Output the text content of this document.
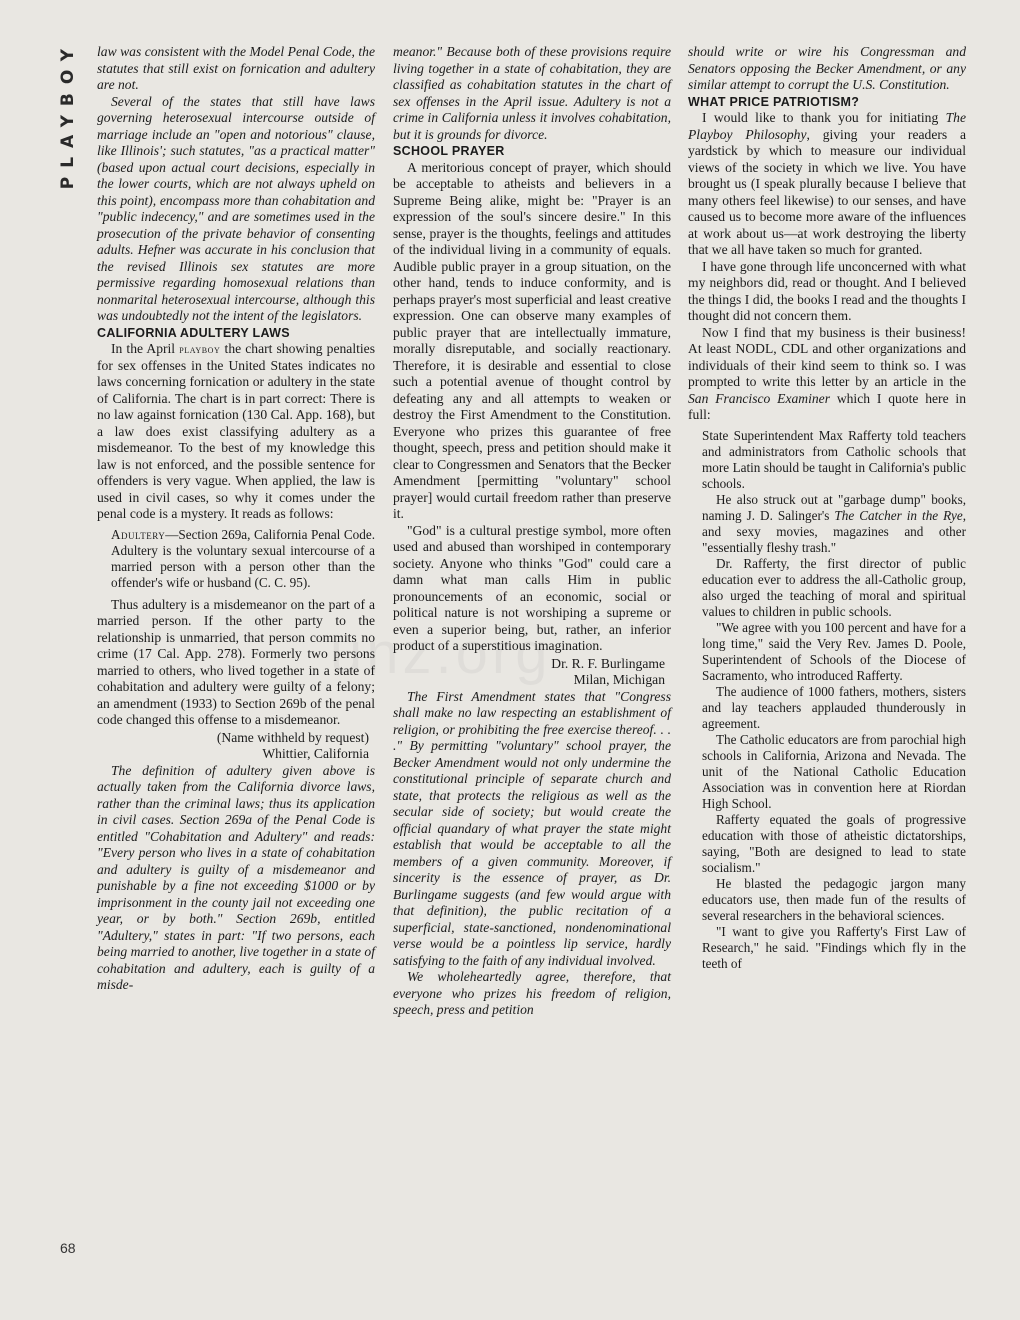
PLAYBOY
68

law was consistent with the Model Penal Code, the statutes that still exist on fornication and adultery are not.

Several of the states that still have laws governing heterosexual intercourse outside of marriage include an "open and notorious" clause, like Illinois'; such statutes, "as a practical matter" (based upon actual court decisions, especially in the lower courts, which are not always upheld on this point), encompass more than cohabitation and "public indecency," and are sometimes used in the prosecution of the private behavior of consenting adults. Hefner was accurate in his conclusion that the revised Illinois sex statutes are more permissive regarding homosexual relations than nonmarital heterosexual intercourse, although this was undoubtedly not the intent of the legislators.

CALIFORNIA ADULTERY LAWS

In the April playboy the chart showing penalties for sex offenses in the United States indicates no laws concerning fornication or adultery in the state of California. The chart is in part correct: There is no law against fornication (130 Cal. App. 168), but a law does exist classifying adultery as a misdemeanor. To the best of my knowledge this law is not enforced, and the possible sentence for offenders is very vague. When applied, the law is used in civil cases, so why it comes under the penal code is a mystery. It reads as follows:

Adultery—Section 269a, California Penal Code. Adultery is the voluntary sexual intercourse of a married person with a person other than the offender's wife or husband (C. C. 95).

Thus adultery is a misdemeanor on the part of a married person. If the other party to the relationship is unmarried, that person commits no crime (17 Cal. App. 278). Formerly two persons married to others, who lived together in a state of cohabitation and adultery were guilty of a felony; an amendment (1933) to Section 269b of the penal code changed this offense to a misdemeanor.

(Name withheld by request)

Whittier, California

The definition of adultery given above is actually taken from the California divorce laws, rather than the criminal laws; thus its application in civil cases. Section 269a of the Penal Code is entitled "Cohabitation and Adultery" and reads: "Every person who lives in a state of cohabitation and adultery is guilty of a misdemeanor and punishable by a fine not exceeding $1000 or by imprisonment in the county jail not exceeding one year, or by both." Section 269b, entitled "Adultery," states in part: "If two persons, each being married to another, live together in a state of cohabitation and adultery, each is guilty of a misde-

meanor." Because both of these provisions require living together in a state of cohabitation, they are classified as cohabitation statutes in the chart of sex offenses in the April issue. Adultery is not a crime in California unless it involves cohabitation, but it is grounds for divorce.

SCHOOL PRAYER

A meritorious concept of prayer, which should be acceptable to atheists and believers in a Supreme Being alike, might be: "Prayer is an expression of the soul's sincere desire." In this sense, prayer is the thoughts, feelings and attitudes of the individual living in a community of equals. Audible public prayer in a group situation, on the other hand, tends to induce conformity, and is perhaps prayer's most superficial and least creative expression. One can observe many examples of public prayer that are intellectually immature, morally disreputable, and socially reactionary. Therefore, it is desirable and essential to close such a potential avenue of thought control by defeating any and all attempts to weaken or destroy the First Amendment to the Constitution. Everyone who prizes this guarantee of free thought, speech, press and petition should make it clear to Congressmen and Senators that the Becker Amendment [permitting "voluntary" school prayer] would curtail freedom rather than preserve it.

"God" is a cultural prestige symbol, more often used and abused than worshiped in contemporary society. Anyone who thinks "God" could care a damn what man calls Him in public pronouncements of an economic, social or political nature is not worshiping a supreme or even a superior being, but, rather, an inferior product of a superstitious imagination.

Dr. R. F. Burlingame

Milan, Michigan

The First Amendment states that "Congress shall make no law respecting an establishment of religion, or prohibiting the free exercise thereof. . . ." By permitting "voluntary" school prayer, the Becker Amendment would not only undermine the constitutional principle of separate church and state, that protects the religious as well as the secular side of society; but would create the official quandary of what prayer the state might establish that would be acceptable to all the members of a given community. Moreover, if sincerity is the essence of prayer, as Dr. Burlingame suggests (and few would argue with that definition), the public recitation of a superficial, state-sanctioned, nondenominational verse would be a pointless lip service, hardly satisfying to the faith of any individual involved.

We wholeheartedly agree, therefore, that everyone who prizes his freedom of religion, speech, press and petition

should write or wire his Congressman and Senators opposing the Becker Amendment, or any similar attempt to corrupt the U.S. Constitution.

WHAT PRICE PATRIOTISM?

I would like to thank you for initiating The Playboy Philosophy, giving your readers a yardstick by which to measure our individual views of the society in which we live. You have brought us (I speak plurally because I believe that many others feel likewise) to our senses, and have caused us to become more aware of the influences at work about us—at work destroying the liberty that we all have taken so much for granted.

I have gone through life unconcerned with what my neighbors did, read or thought. And I believed the things I did, the books I read and the thoughts I thought did not concern them.

Now I find that my business is their business! At least NODL, CDL and other organizations and individuals of their kind seem to think so. I was prompted to write this letter by an article in the San Francisco Examiner which I quote here in full:

State Superintendent Max Rafferty told teachers and administrators from Catholic schools that more Latin should be taught in California's public schools.

He also struck out at "garbage dump" books, naming J. D. Salinger's The Catcher in the Rye, and sexy movies, magazines and other "essentially fleshy trash."

Dr. Rafferty, the first director of public education ever to address the all-Catholic group, also urged the teaching of moral and spiritual values to children in public schools.

"We agree with you 100 percent and have for a long time," said the Very Rev. James D. Poole, Superintendent of Schools of the Diocese of Sacramento, who introduced Rafferty.

The audience of 1000 fathers, mothers, sisters and lay teachers applauded thunderously in agreement.

The Catholic educators are from parochial high schools in California, Arizona and Nevada. The unit of the National Catholic Education Association was in convention here at Riordan High School.

Rafferty equated the goals of progressive education with those of atheistic dictatorships, saying, "Both are designed to lead to state socialism."

He blasted the pedagogic jargon many educators use, then made fun of the results of several researchers in the behavioral sciences.

"I want to give you Rafferty's First Law of Research," he said. "Findings which fly in the teeth of
